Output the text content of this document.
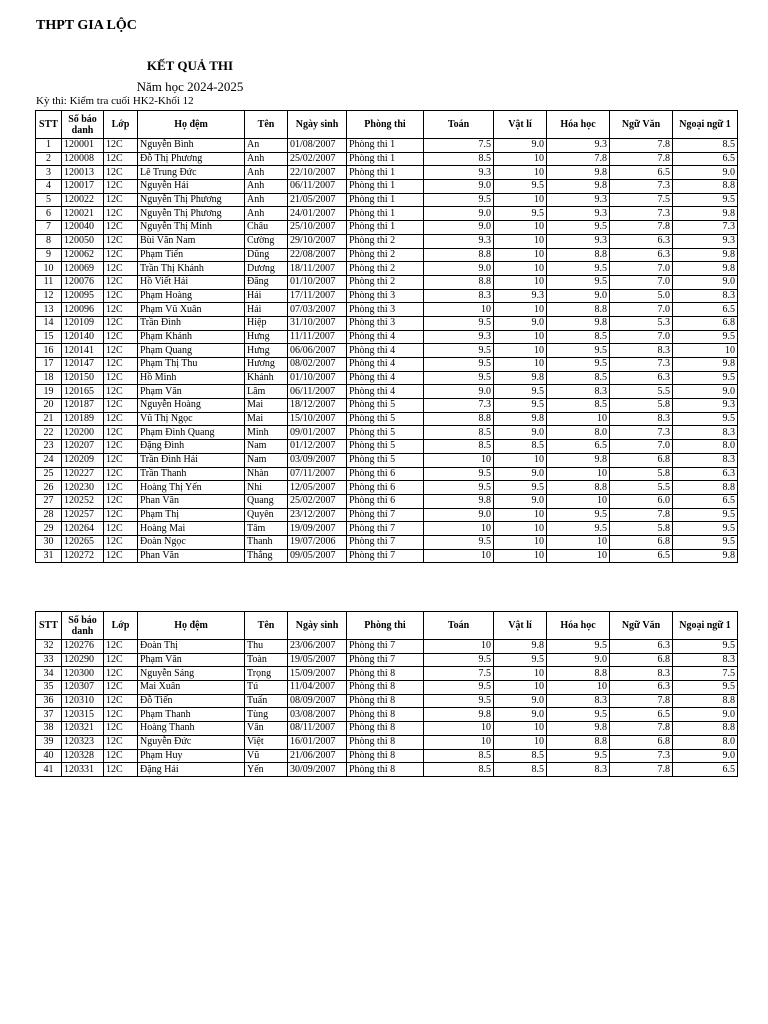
THPT GIA LỘC
KẾT QUẢ THI
Năm học 2024-2025
Kỳ thi: Kiểm tra cuối HK2-Khối 12
STT	Số báo danh	Lớp	Họ đệm	Tên	Ngày sinh	Phòng thi	Toán	Vật lí	Hóa học	Ngữ Văn	Ngoại ngữ 1
1	120001	12C	Nguyễn Bình	An	01/08/2007	Phòng thi 1	7.5	9.0	9.3	7.8	8.5
2	120008	12C	Đỗ Thị Phương	Anh	25/02/2007	Phòng thi 1	8.5	10	7.8	7.8	6.5
3	120013	12C	Lê Trung Đức	Anh	22/10/2007	Phòng thi 1	9.3	10	9.8	6.5	9.0
4	120017	12C	Nguyễn Hải	Anh	06/11/2007	Phòng thi 1	9.0	9.5	9.8	7.3	8.8
5	120022	12C	Nguyễn Thị Phương	Anh	21/05/2007	Phòng thi 1	9.5	10	9.3	7.5	9.5
6	120021	12C	Nguyễn Thị Phương	Anh	24/01/2007	Phòng thi 1	9.0	9.5	9.3	7.3	9.8
7	120040	12C	Nguyễn Thị Minh	Châu	25/10/2007	Phòng thi 1	9.0	10	9.5	7.8	7.3
8	120050	12C	Bùi Văn Nam	Cường	29/10/2007	Phòng thi 2	9.3	10	9.3	6.3	9.3
9	120062	12C	Phạm Tiến	Dũng	22/08/2007	Phòng thi 2	8.8	10	8.8	6.3	9.8
10	120069	12C	Trần Thị Khánh	Dương	18/11/2007	Phòng thi 2	9.0	10	9.5	7.0	9.8
11	120076	12C	Hồ Viết Hải	Đăng	01/10/2007	Phòng thi 2	8.8	10	9.5	7.0	9.0
12	120095	12C	Phạm Hoàng	Hải	17/11/2007	Phòng thi 3	8.3	9.3	9.0	5.0	8.3
13	120096	12C	Phạm Vũ Xuân	Hải	07/03/2007	Phòng thi 3	10	10	8.8	7.0	6.5
14	120109	12C	Trần Đình	Hiệp	31/10/2007	Phòng thi 3	9.5	9.0	9.8	5.3	6.8
15	120140	12C	Phạm Khánh	Hưng	11/11/2007	Phòng thi 4	9.3	10	8.5	7.0	9.5
16	120141	12C	Phạm Quang	Hưng	06/06/2007	Phòng thi 4	9.5	10	9.5	8.3	10
17	120147	12C	Phạm Thị Thu	Hương	08/02/2007	Phòng thi 4	9.5	10	9.5	7.3	9.8
18	120150	12C	Hồ Minh	Khánh	01/10/2007	Phòng thi 4	9.5	9.8	8.5	6.3	9.5
19	120165	12C	Phạm Văn	Lâm	06/11/2007	Phòng thi 4	9.0	9.5	8.3	5.5	9.0
20	120187	12C	Nguyễn Hoàng	Mai	18/12/2007	Phòng thi 5	7.3	9.5	8.5	5.8	9.3
21	120189	12C	Vũ Thị Ngọc	Mai	15/10/2007	Phòng thi 5	8.8	9.8	10	8.3	9.5
22	120200	12C	Phạm Đình Quang	Minh	09/01/2007	Phòng thi 5	8.5	9.0	8.0	7.3	8.3
23	120207	12C	Đặng Đình	Nam	01/12/2007	Phòng thi 5	8.5	8.5	6.5	7.0	8.0
24	120209	12C	Trần Đình Hải	Nam	03/09/2007	Phòng thi 5	10	10	9.8	6.8	8.3
25	120227	12C	Trần Thanh	Nhàn	07/11/2007	Phòng thi 6	9.5	9.0	10	5.8	6.3
26	120230	12C	Hoàng Thị Yến	Nhi	12/05/2007	Phòng thi 6	9.5	9.5	8.8	5.5	8.8
27	120252	12C	Phan Văn	Quang	25/02/2007	Phòng thi 6	9.8	9.0	10	6.0	6.5
28	120257	12C	Phạm Thị	Quyên	23/12/2007	Phòng thi 7	9.0	10	9.5	7.8	9.5
29	120264	12C	Hoàng Mai	Tâm	19/09/2007	Phòng thi 7	10	10	9.5	5.8	9.5
30	120265	12C	Đoàn Ngọc	Thanh	19/07/2006	Phòng thi 7	9.5	10	10	6.8	9.5
31	120272	12C	Phan Văn	Thắng	09/05/2007	Phòng thi 7	10	10	10	6.5	9.8
STT	Số báo danh	Lớp	Họ đệm	Tên	Ngày sinh	Phòng thi	Toán	Vật lí	Hóa học	Ngữ Văn	Ngoại ngữ 1
32	120276	12C	Đoàn Thị	Thu	23/06/2007	Phòng thi 7	10	9.8	9.5	6.3	9.5
33	120290	12C	Phạm Văn	Toàn	19/05/2007	Phòng thi 7	9.5	9.5	9.0	6.8	8.3
34	120300	12C	Nguyễn Sáng	Trọng	15/09/2007	Phòng thi 8	7.5	10	8.8	8.3	7.5
35	120307	12C	Mai Xuân	Tú	11/04/2007	Phòng thi 8	9.5	10	10	6.3	9.5
36	120310	12C	Đỗ Tiến	Tuấn	08/09/2007	Phòng thi 8	9.5	9.0	8.3	7.8	8.8
37	120315	12C	Phạm Thanh	Tùng	03/08/2007	Phòng thi 8	9.8	9.0	9.5	6.5	9.0
38	120321	12C	Hoàng Thanh	Vân	08/11/2007	Phòng thi 8	10	10	9.8	7.8	8.8
39	120323	12C	Nguyễn Đức	Việt	16/01/2007	Phòng thi 8	10	10	8.8	6.8	8.0
40	120328	12C	Phạm Huy	Vũ	21/06/2007	Phòng thi 8	8.5	8.5	9.5	7.3	9.0
41	120331	12C	Đặng Hải	Yến	30/09/2007	Phòng thi 8	8.5	8.5	8.3	7.8	6.5
